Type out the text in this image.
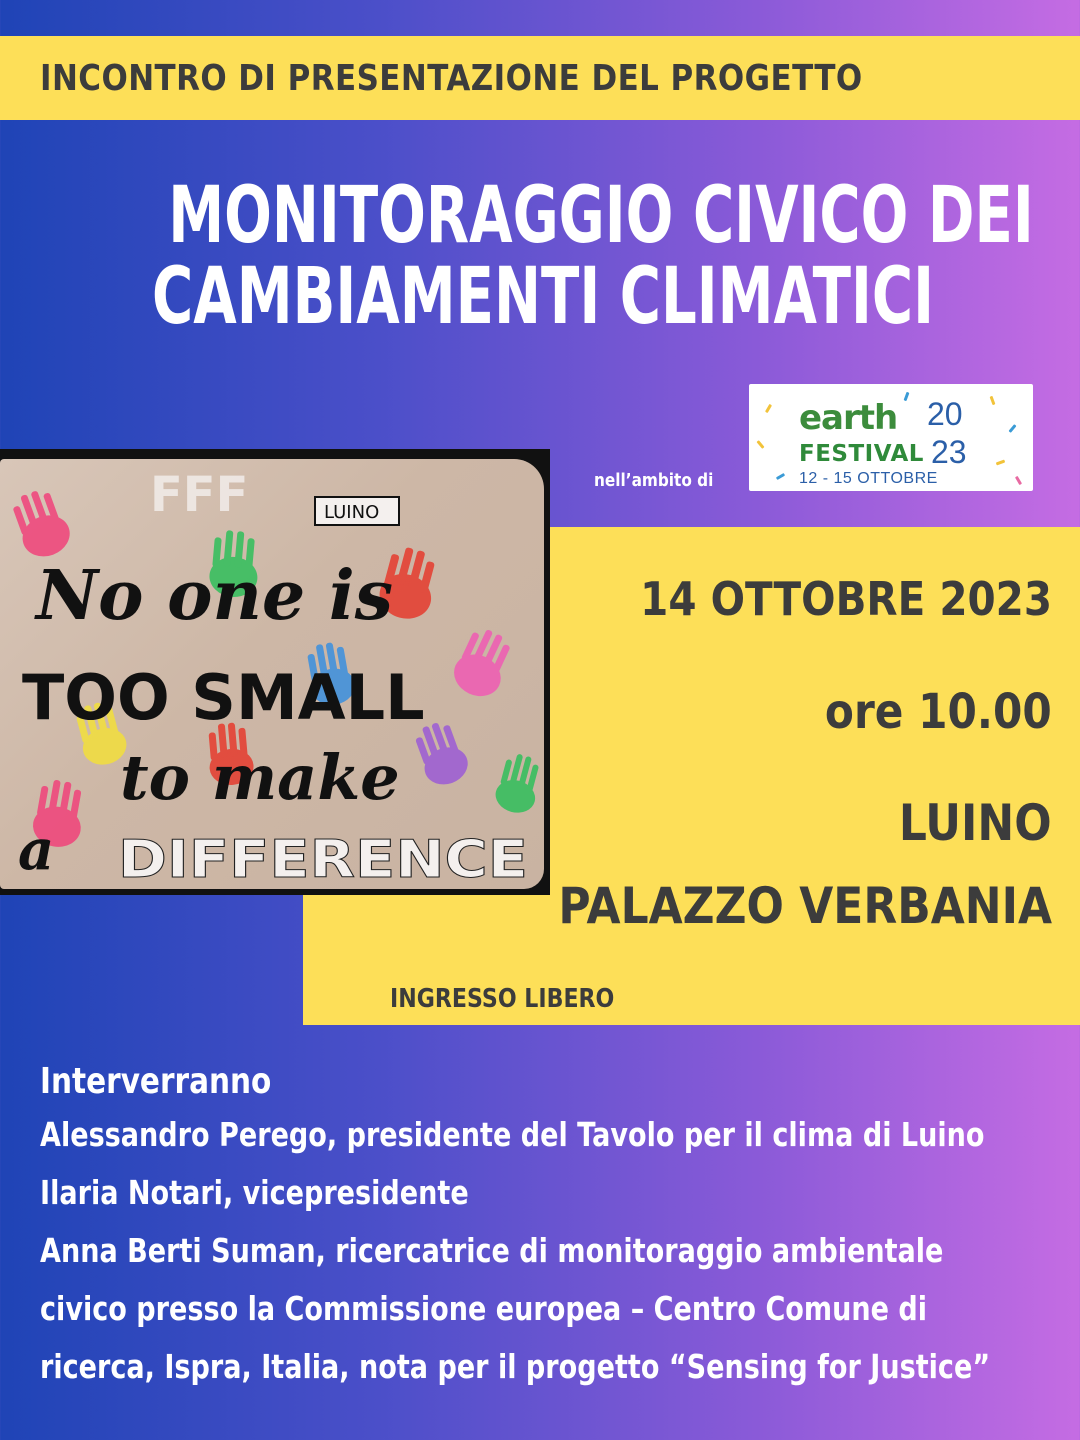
INCONTRO DI PRESENTAZIONE DEL PROGETTO
MONITORAGGIO CIVICO DEI
CAMBIAMENTI CLIMATICI
nell’ambito di
earth 20
23
FESTIVAL
12 - 15 OTTOBRE
14 OTTOBRE 2023
ore 10.00
LUINO
PALAZZO VERBANIA
INGRESSO LIBERO
FFF	LUINO
No one is
TOO SMALL
to make
a DIFFERENCE
Interverranno
Alessandro Perego, presidente del Tavolo per il clima di Luino
Ilaria Notari, vicepresidente
Anna Berti Suman, ricercatrice di monitoraggio ambientale
civico presso la Commissione europea – Centro Comune di
ricerca, Ispra, Italia, nota per il progetto “Sensing for Justice”
